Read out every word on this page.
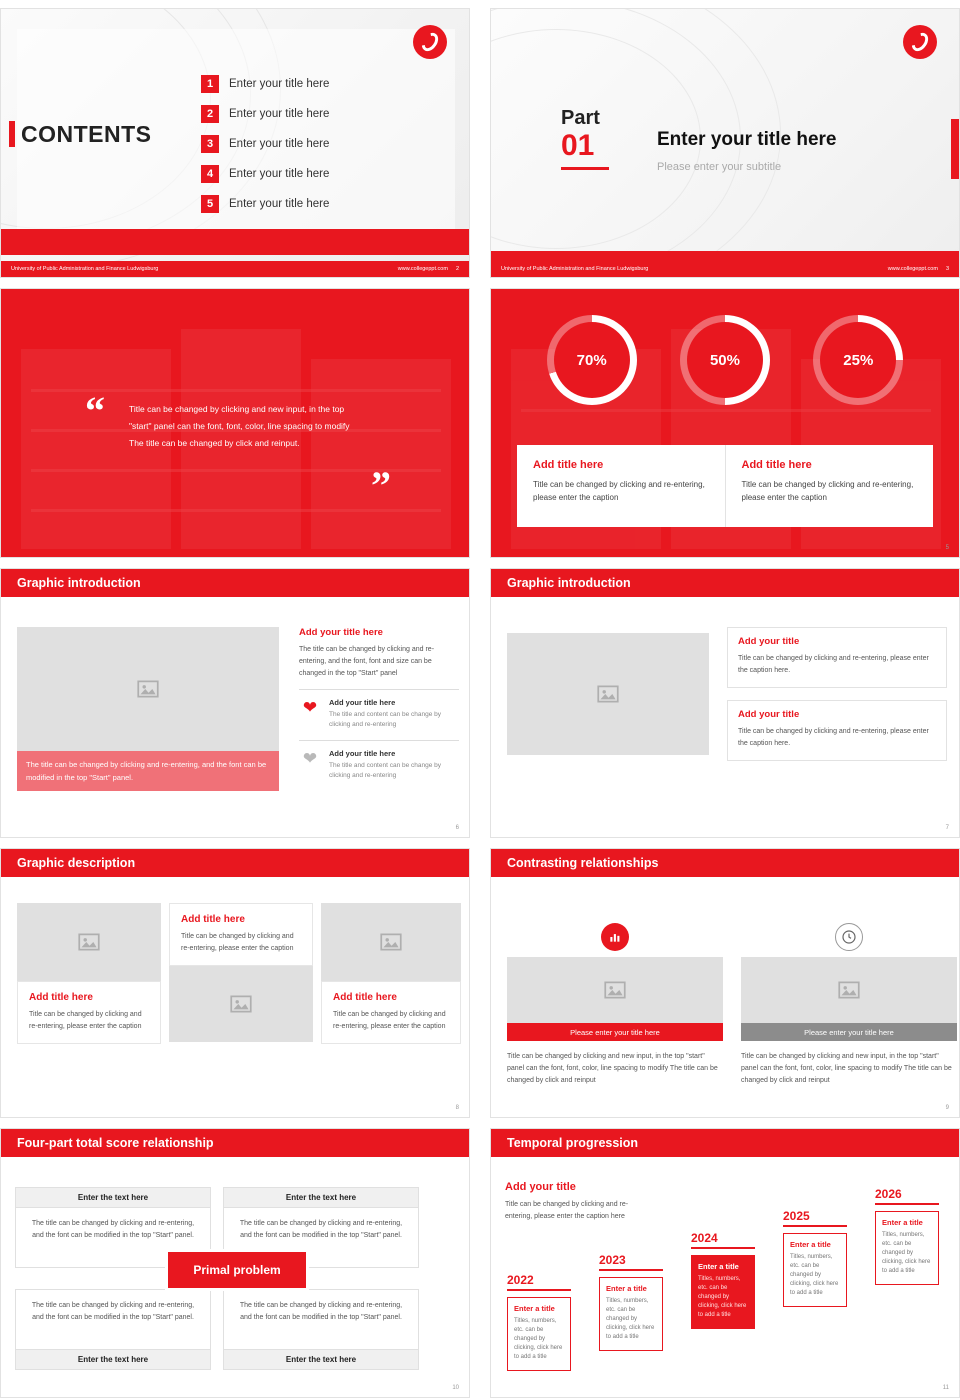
CONTENTS
1	Enter your title here
2	Enter your title here
3	Enter your title here
4	Enter your title here
5	Enter your title here
University of Public Administration and Finance Ludwigsburg	www.collegeppt.com 2
Part
01	Enter your title here
Please enter your subtitle
University of Public Administration and Finance Ludwigsburg	www.collegeppt.com 3
“	Title can be changed by clicking and new input, in the top "start" panel can the font, font, color, line spacing to modify The title can be changed by click and reinput.
”
70%	50%	25%
Add title here

Title can be changed by clicking and re-entering, please enter the caption

Add title here

Title can be changed by clicking and re-entering, please enter the caption

5
Graphic introduction
The title can be changed by clicking and re-entering, and the font can be modified in the top "Start" panel.
Add your title here

The title can be changed by clicking and re-entering, and the font, font and size can be changed in the top "Start" panel

❤	Add your title here

The title and content can be change by clicking and re-entering

❤	Add your title here

The title and content can be change by clicking and re-entering

6
Graphic introduction
Add your title

Title can be changed by clicking and re-entering, please enter the caption here.

Add your title

Title can be changed by clicking and re-entering, please enter the caption here.

7
Graphic description
Add title here

Title can be changed by clicking and re-entering, please enter the caption

Add title here

Title can be changed by clicking and re-entering, please enter the caption

Add title here

Title can be changed by clicking and re-entering, please enter the caption

8
Contrasting relationships
Please enter your title here
Title can be changed by clicking and new input, in the top "start" panel can the font, font, color, line spacing to modify The title can be changed by click and reinput
Please enter your title here
Title can be changed by clicking and new input, in the top "start" panel can the font, font, color, line spacing to modify The title can be changed by click and reinput
9
Four-part total score relationship
Enter the text here
The title can be changed by clicking and re-entering, and the font can be modified in the top "Start" panel.
Enter the text here
The title can be changed by clicking and re-entering, and the font can be modified in the top "Start" panel.
The title can be changed by clicking and re-entering, and the font can be modified in the top "Start" panel.
Enter the text here
The title can be changed by clicking and re-entering, and the font can be modified in the top "Start" panel.
Enter the text here
Primal problem
10
Temporal progression
Add your title

Title can be changed by clicking and re-entering, please enter the caption here

2022
Enter a title

Titles, numbers, etc. can be changed by clicking, click here to add a title

2023
Enter a title

Titles, numbers, etc. can be changed by clicking, click here to add a title

2024
Enter a title

Titles, numbers, etc. can be changed by clicking, click here to add a title

2025
Enter a title

Titles, numbers, etc. can be changed by clicking, click here to add a title

2026
Enter a title

Titles, numbers, etc. can be changed by clicking, click here to add a title

11
